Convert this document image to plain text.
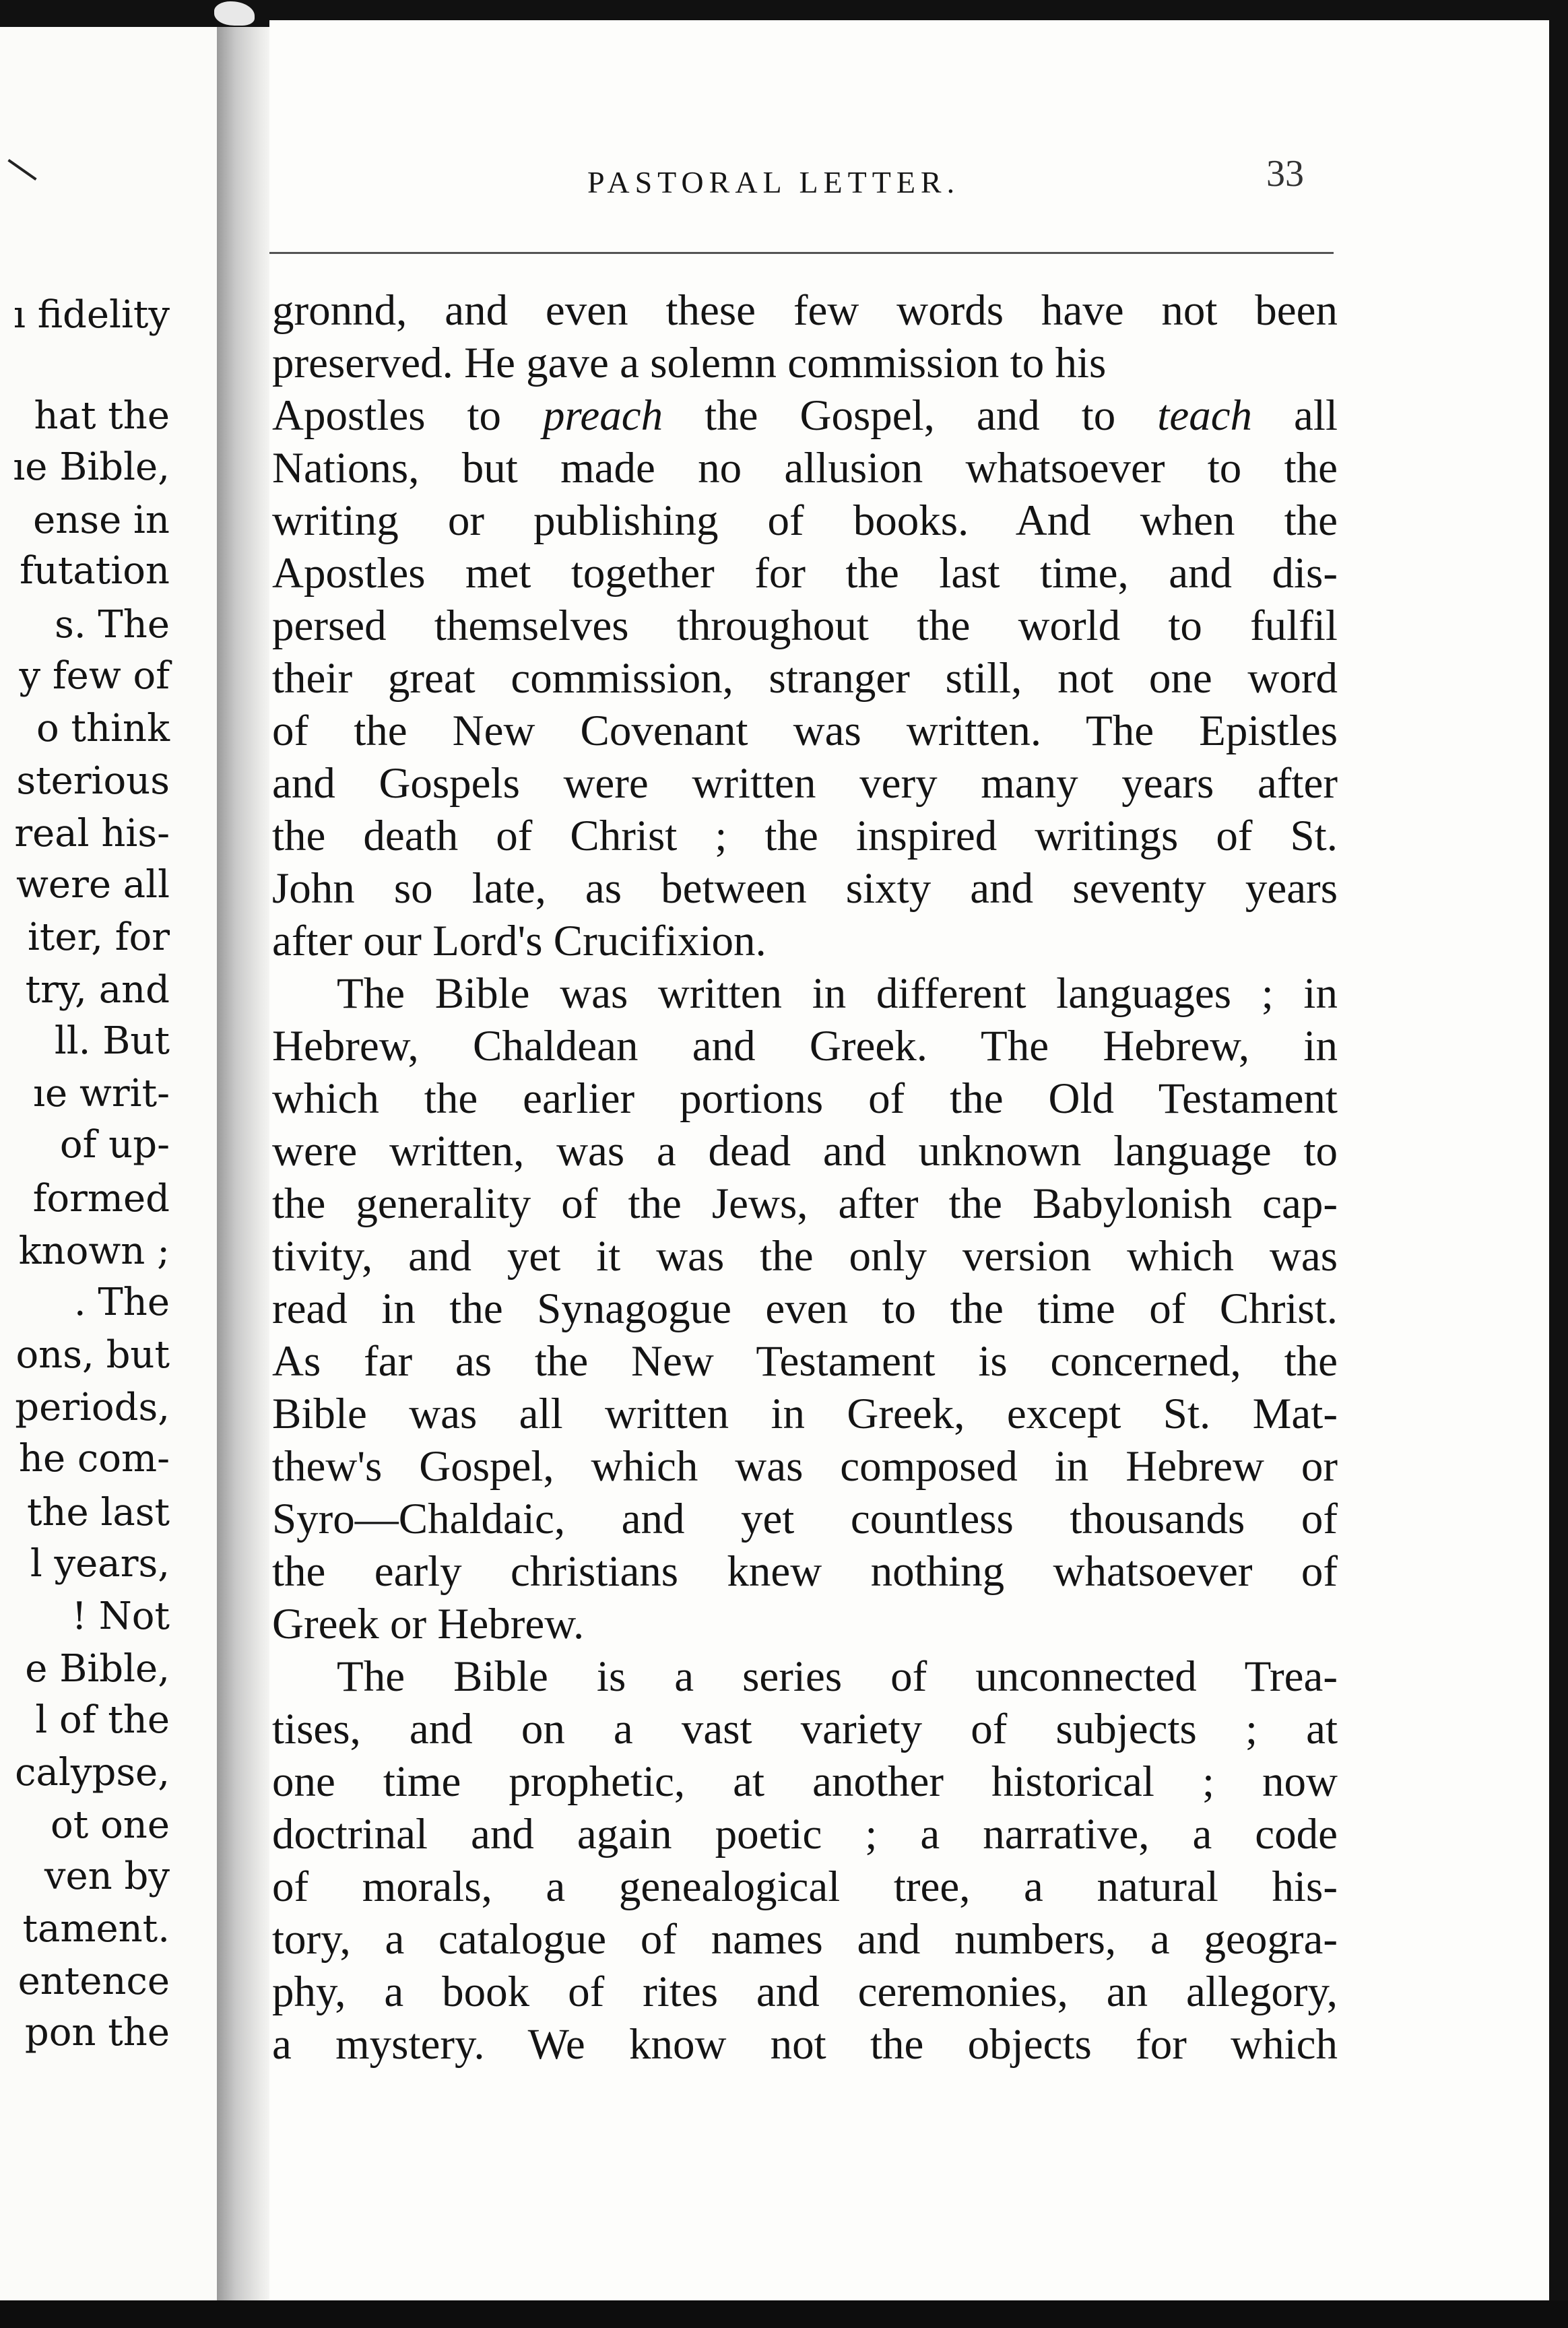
ı fidelity
hat the
ıe Bible,
ense in
futation
s. The
y few of
o think
sterious
real his-
were all
iter, for
try, and
ll. But
ıe writ-
of up-
formed
known ;
. The
ons, but
periods,
he com-
the last
l years,
! Not
e Bible,
l of the
calypse,
ot one
ven by
tament.
entence
pon the
PASTORAL LETTER.	33
gronnd, and even these few words have not been
preserved. He gave a solemn commission to his
Apostles to preach the Gospel, and to teach all
Nations, but made no allusion whatsoever to the
writing or publishing of books. And when the
Apostles met together for the last time, and dis-
persed themselves throughout the world to fulfil
their great commission, stranger still, not one word
of the New Covenant was written. The Epistles
and Gospels were written very many years after
the death of Christ ; the inspired writings of St.
John so late, as between sixty and seventy years
after our Lord's Crucifixion.
The Bible was written in different languages ; in
Hebrew, Chaldean and Greek. The Hebrew, in
which the earlier portions of the Old Testament
were written, was a dead and unknown language to
the generality of the Jews, after the Babylonish cap-
tivity, and yet it was the only version which was
read in the Synagogue even to the time of Christ.
As far as the New Testament is concerned, the
Bible was all written in Greek, except St. Mat-
thew's Gospel, which was composed in Hebrew or
Syro—Chaldaic, and yet countless thousands of
the early christians knew nothing whatsoever of
Greek or Hebrew.
The Bible is a series of unconnected Trea-
tises, and on a vast variety of subjects ; at
one time prophetic, at another historical ; now
doctrinal and again poetic ; a narrative, a code
of morals, a genealogical tree, a natural his-
tory, a catalogue of names and numbers, a geogra-
phy, a book of rites and ceremonies, an allegory,
a mystery. We know not the objects for which
